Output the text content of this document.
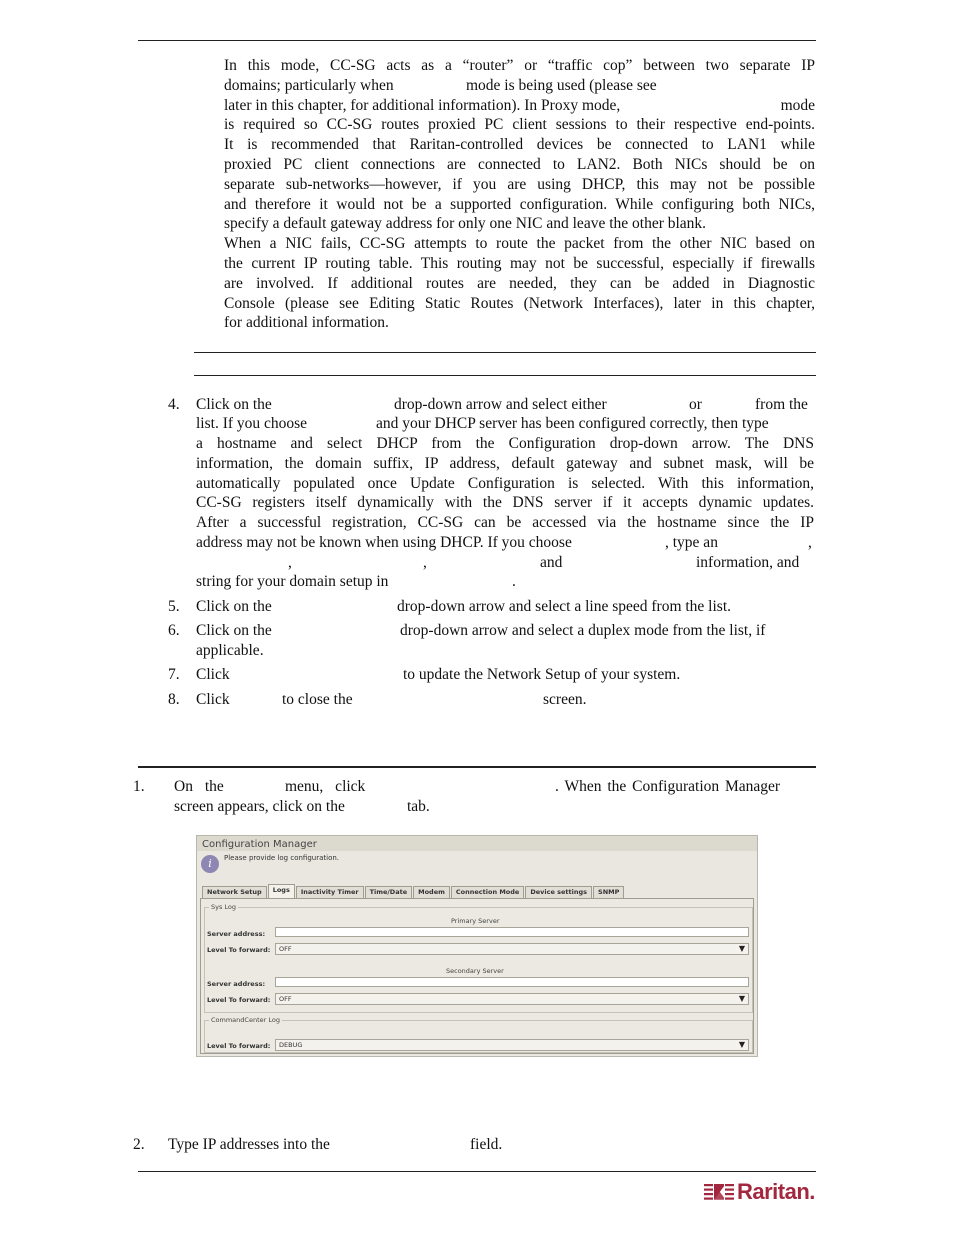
In this mode, CC-SG acts as a “router” or “traffic cop” between two separate IP
domains; particularly when	mode is being used (please see
later in this chapter, for additional information). In Proxy mode,	mode
is required so CC-SG routes proxied PC client sessions to their respective end-points.
It is recommended that Raritan-controlled devices be connected to LAN1 while
proxied PC client connections are connected to LAN2. Both NICs should be on
separate sub-networks—however, if you are using DHCP, this may not be possible
and therefore it would not be a supported configuration. While configuring both NICs,
specify a default gateway address for only one NIC and leave the other blank.
When a NIC fails, CC-SG attempts to route the packet from the other NIC based on
the current IP routing table. This routing may not be successful, especially if firewalls
are involved. If additional routes are needed, they can be added in Diagnostic
Console (please see Editing Static Routes (Network Interfaces), later in this chapter,
for additional information.
4. Click on the	drop-down arrow and select either	or	from the
list. If you choose	and your DHCP server has been configured correctly, then type
a hostname and select DHCP from the Configuration drop-down arrow. The DNS
information, the domain suffix, IP address, default gateway and subnet mask, will be
automatically populated once Update Configuration is selected. With this information,
CC-SG registers itself dynamically with the DNS server if it accepts dynamic updates.
After a successful registration, CC-SG can be accessed via the hostname since the IP
address may not be known when using DHCP. If you choose	, type an	,
,	,	and	information, and
string for your domain setup in	.
5. Click on the	drop-down arrow and select a line speed from the list.
6. Click on the	drop-down arrow and select a duplex mode from the list, if
applicable.
7. Click	to update the Network Setup of your system.
8. Click	to close the	screen.
1. On the	menu, click	. When the Configuration Manager
screen appears, click on the	tab.
Configuration Manager
i	Please provide log configuration.
Network Setup	Logs	Inactivity Timer	Time/Date	Modem	Connection Mode	Device settings	SNMP
Sys Log
Primary Server
Server address:
Level To forward:	OFF	▼
Secondary Server
Server address:
Level To forward:	OFF	▼
CommandCenter Log
Level To forward:	DEBUG	▼
2. Type IP addresses into the	field.
Raritan.
